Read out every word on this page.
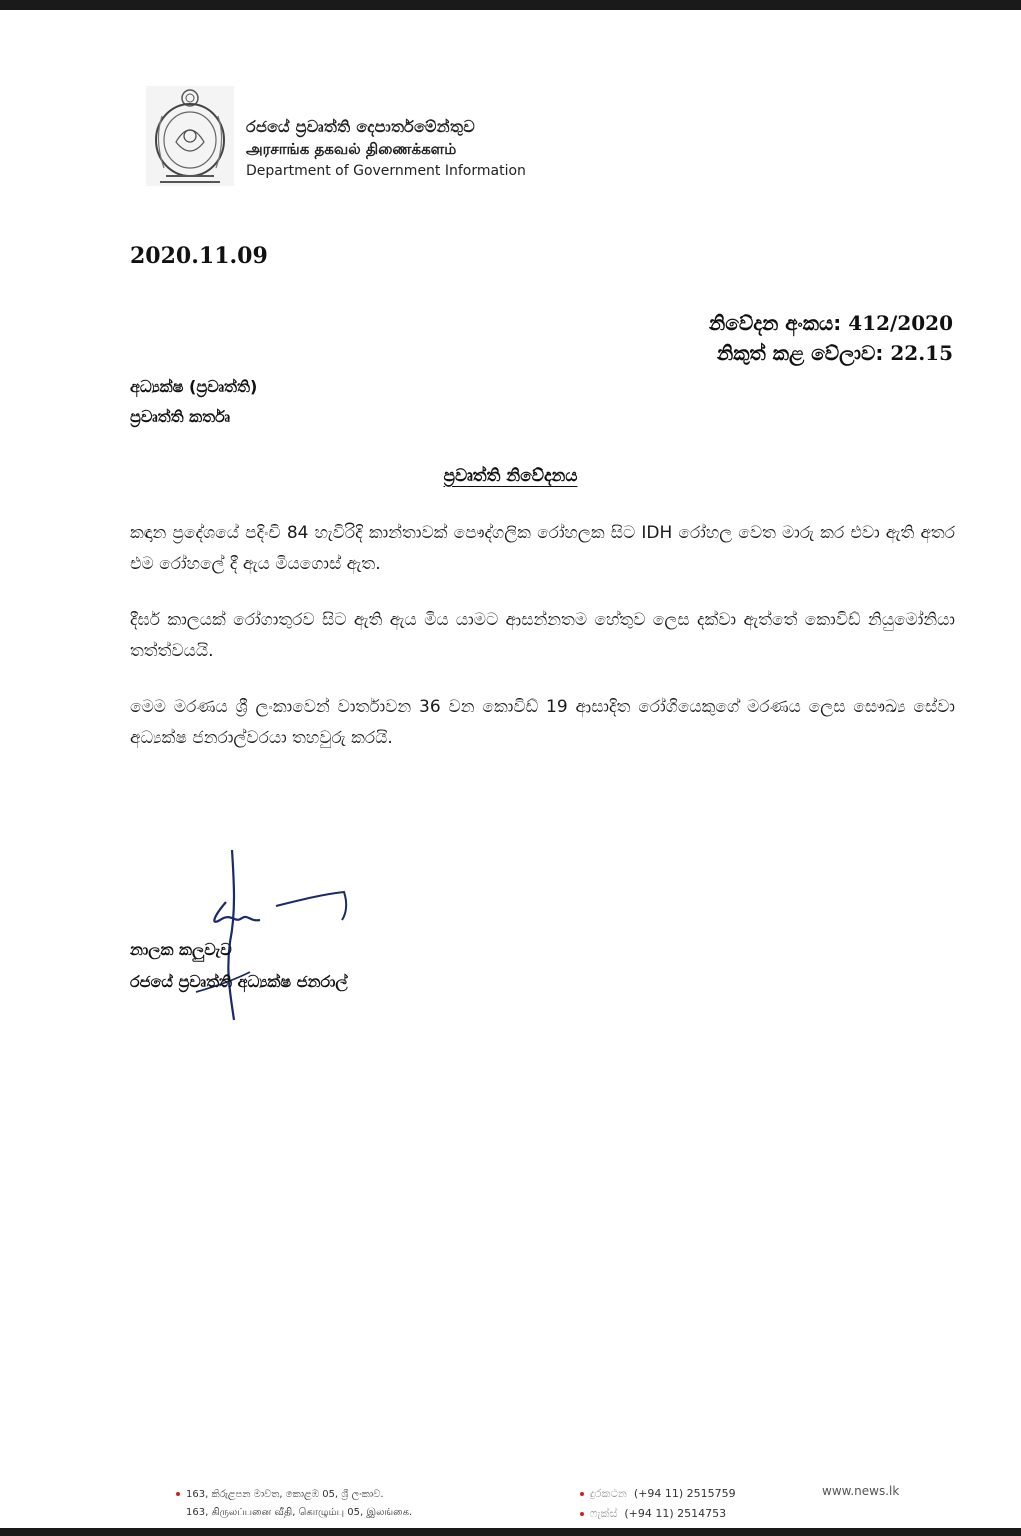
රජයේ ප්‍රවෘත්ති දෙපාර්තමේන්තුව
அரசாங்க தகவல் திணைக்களம்
Department of Government Information
2020.11.09
නිවේදන අංකය: 412/2020
නිකුත් කළ වේලාව: 22.15
අධ්‍යක්ෂ (ප්‍රවෘත්ති)
ප්‍රවෘත්ති කර්තෘ
ප්‍රවෘත්ති නිවේදනය
කඳාන ප්‍රදේශයේ පදිංචි 84 හැවිරිදි කාන්තාවක් පෞද්ගලික රෝහලක සිට IDH රෝහල වෙත මාරු කර එවා ඇති අතර එම රෝහලේ දී ඇය මියගොස් ඇත.
දීර්ඝ කාලයක් රෝගාතුරව සිට ඇති ඇය මිය යාමට ආසන්නතම හේතුව ලෙස දක්වා ඇත්තේ කොවිඩ් නියුමෝනියා තත්ත්වයයි.
මෙම මරණය ශ්‍රී ලංකාවෙන් වාර්තාවන 36 වන කොවිඩ් 19 ආසාදිත රෝගියෙකුගේ මරණය ලෙස සෞඛ්‍ය සේවා අධ්‍යක්ෂ ජනරාල්වරයා තහවුරු කරයි.
නාලක කලුවැව
රජයේ ප්‍රවෘත්ති අධ්‍යක්ෂ ජනරාල්
163, කිරුළපන මාවත, කොළඹ 05, ශ්‍රී ලංකාව.
163, கிருலப்பனை வீதி, கொழும்பு 05, இலங்கை.
දුරකථන (+94 11) 2515759
ෆැක්ස් (+94 11) 2514753
www.news.lk
